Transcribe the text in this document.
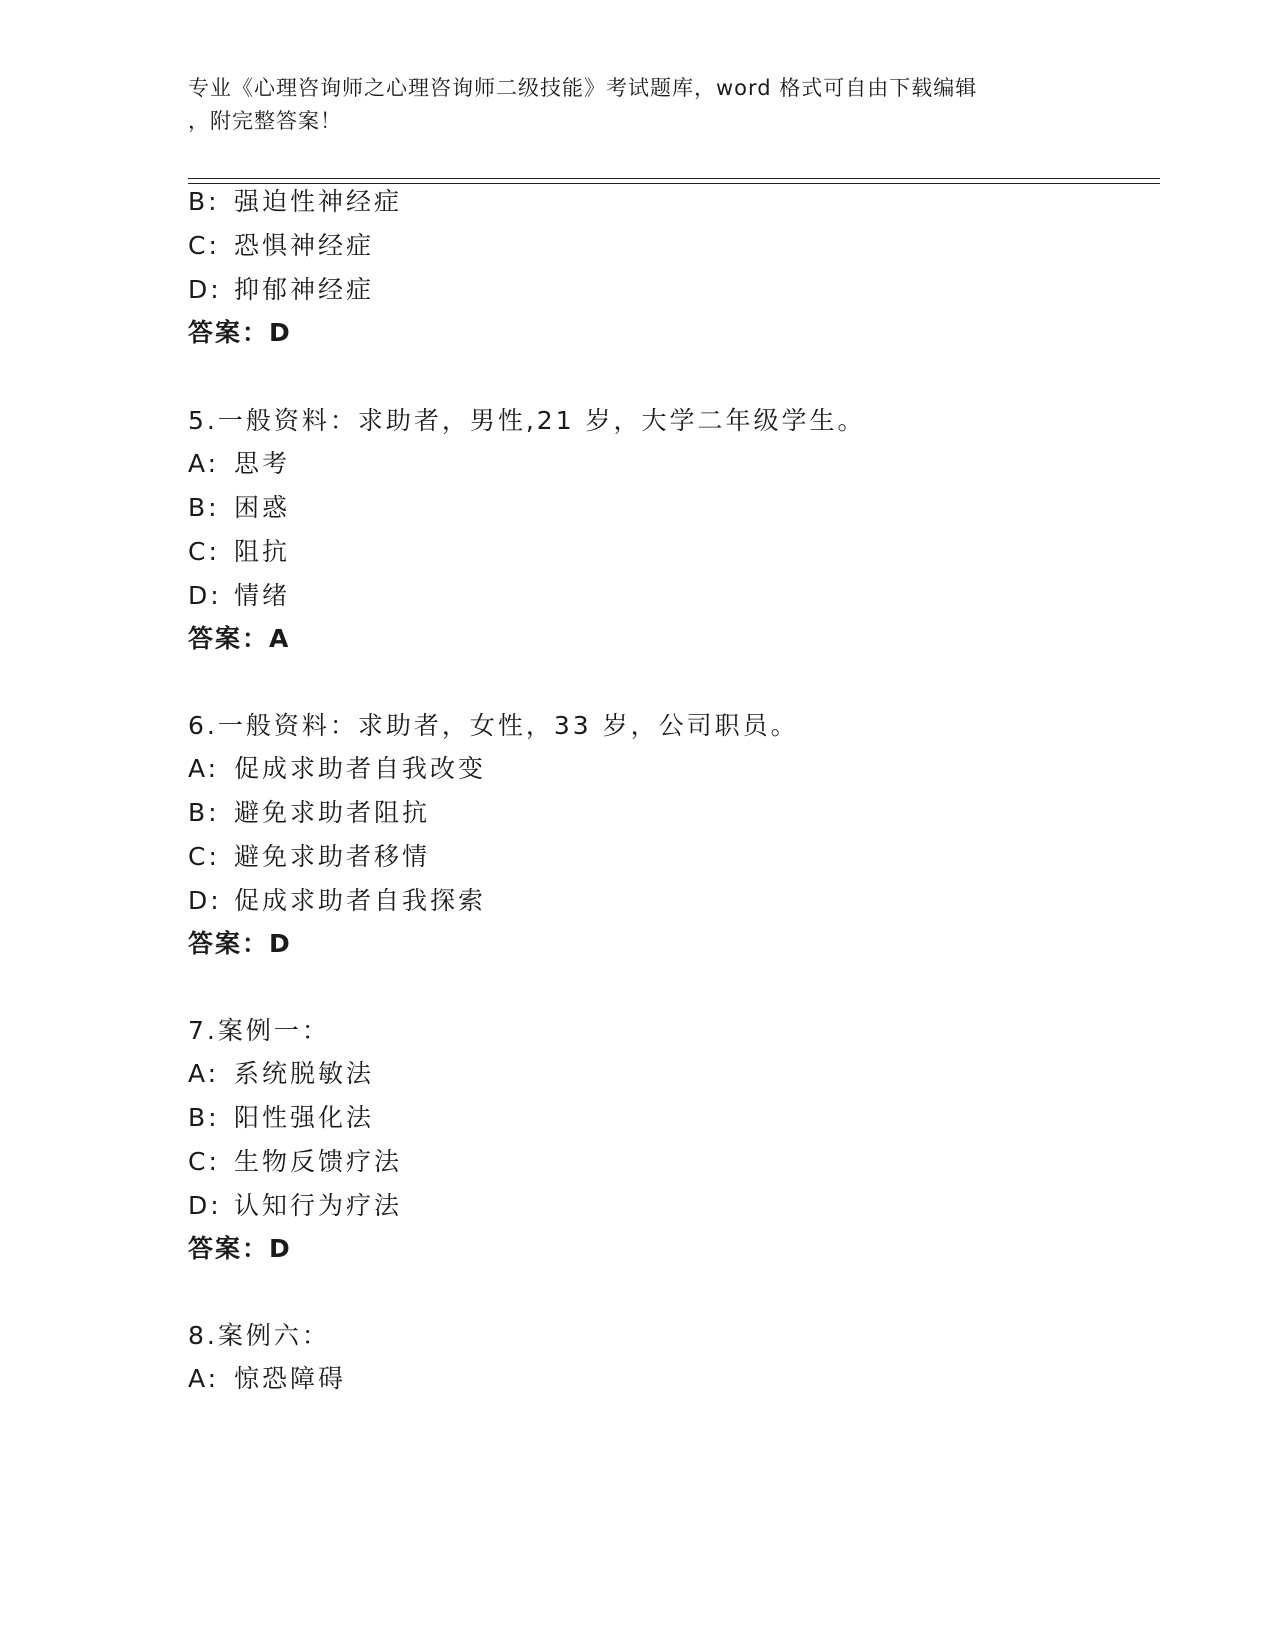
专业《心理咨询师之心理咨询师二级技能》考试题库，word 格式可自由下载编辑
，附完整答案！
B: 强迫性神经症
C: 恐惧神经症
D: 抑郁神经症
答案：D
5.一般资料：求助者，男性,21 岁，大学二年级学生。
A: 思考
B: 困惑
C: 阻抗
D: 情绪
答案：A
6.一般资料：求助者，女性，33 岁，公司职员。
A: 促成求助者自我改变
B: 避免求助者阻抗
C: 避免求助者移情
D: 促成求助者自我探索
答案：D
7.案例一：
A: 系统脱敏法
B: 阳性强化法
C: 生物反馈疗法
D: 认知行为疗法
答案：D
8.案例六：
A: 惊恐障碍
